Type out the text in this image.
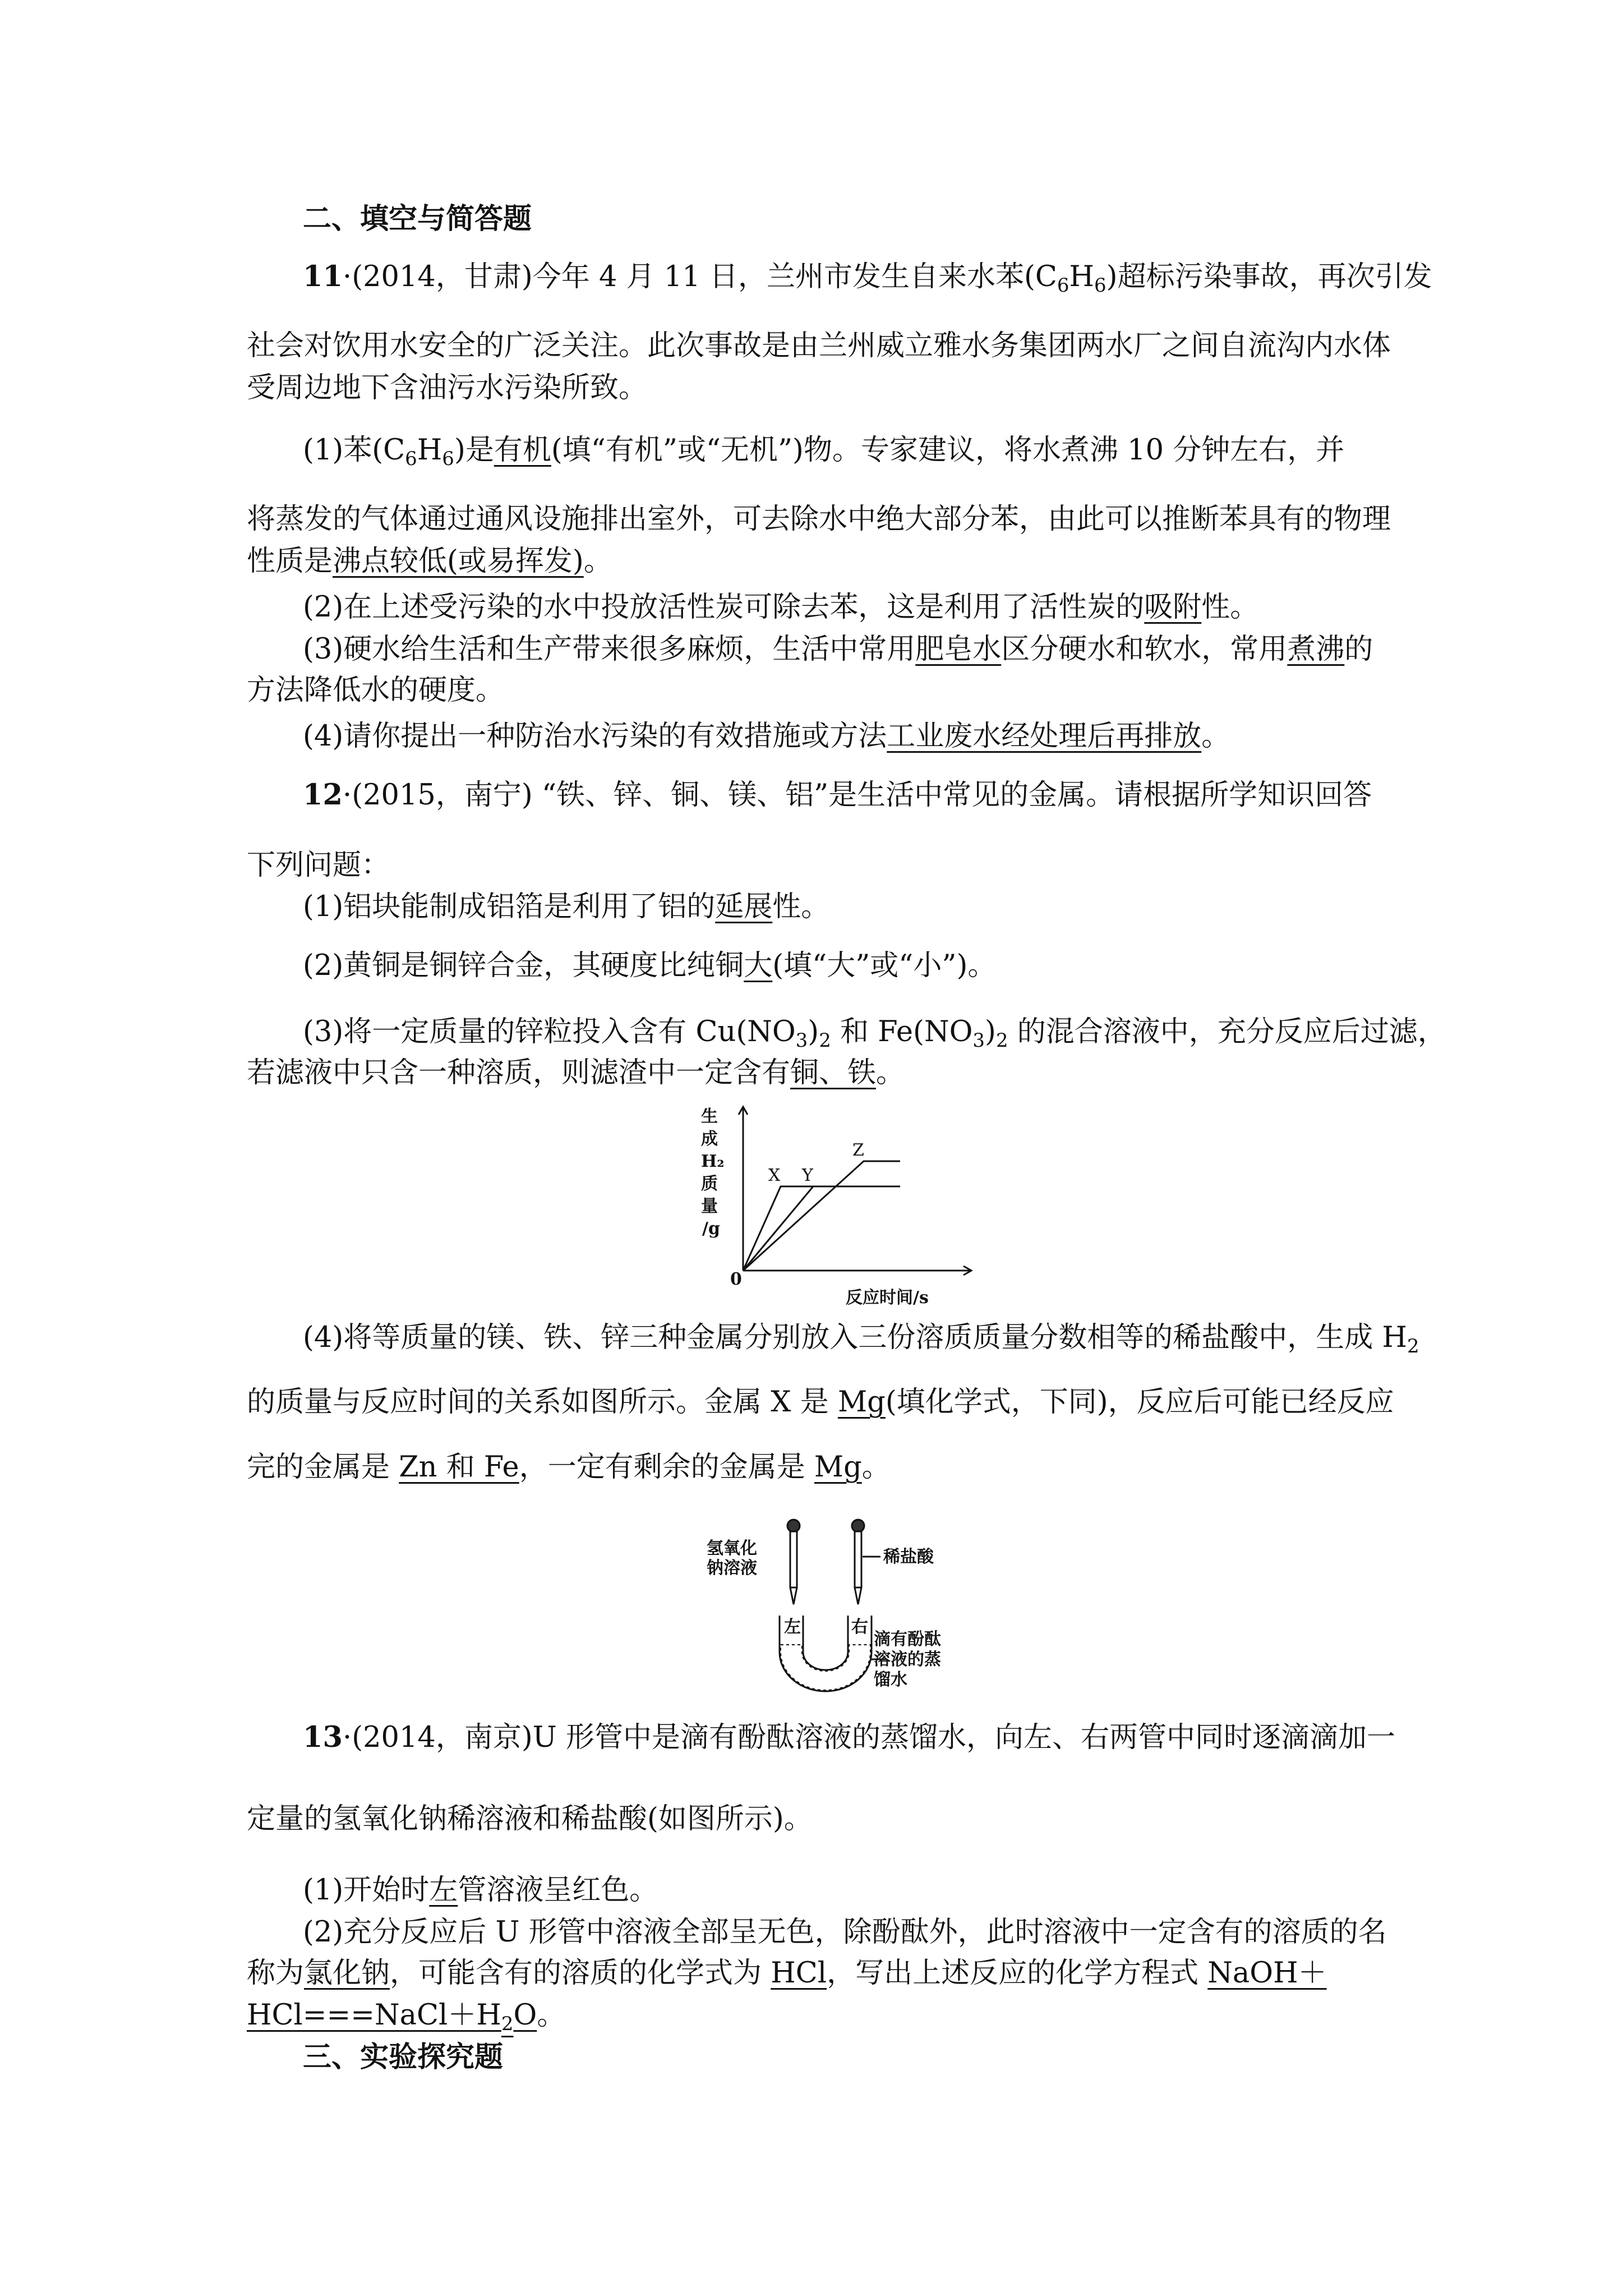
二、填空与简答题
11·(2014，甘肃)今年 4 月 11 日，兰州市发生自来水苯$(C_6H_6)$超标污染事故，再次引发
社会对饮用水安全的广泛关注。此次事故是由兰州威立雅水务集团两水厂之间自流沟内水体
受周边地下含油污水污染所致。
(1)苯$(C_6H_6)$是有机(填“有机”或“无机”)物。专家建议，将水煮沸 10 分钟左右，并
将蒸发的气体通过通风设施排出室外，可去除水中绝大部分苯，由此可以推断苯具有的物理
性质是沸点较低(或易挥发)。
(2)在上述受污染的水中投放活性炭可除去苯，这是利用了活性炭的吸附性。
(3)硬水给生活和生产带来很多麻烦，生活中常用肥皂水区分硬水和软水，常用煮沸的
方法降低水的硬度。
(4)请你提出一种防治水污染的有效措施或方法工业废水经处理后再排放。
12·(2015，南宁) “铁、锌、铜、镁、铝”是生活中常见的金属。请根据所学知识回答
下列问题：
(1)铝块能制成铝箔是利用了铝的延展性。
(2)黄铜是铜锌合金，其硬度比纯铜大(填“大”或“小”)。
(3)将一定质量的锌粒投入含有 $Cu(NO_3)_2$ 和 $Fe(NO_3)_2$ 的混合溶液中，充分反应后过滤，
若滤液中只含一种溶质，则滤渣中一定含有铜、铁。
生
成
H₂
质
量
/g
0
反应时间/s
X Y
Z
(4)将等质量的镁、铁、锌三种金属分别放入三份溶质质量分数相等的稀盐酸中，生成 $H_2$
的质量与反应时间的关系如图所示。金属 X 是 Mg(填化学式，下同)，反应后可能已经反应
完的金属是 Zn 和 Fe，一定有剩余的金属是 Mg。
氢氧化
钠溶液
稀盐酸
左	右
滴有酚酞
溶液的蒸
馏水
13·(2014，南京)U 形管中是滴有酚酞溶液的蒸馏水，向左、右两管中同时逐滴滴加一
定量的氢氧化钠稀溶液和稀盐酸(如图所示)。
(1)开始时左管溶液呈红色。
(2)充分反应后 U 形管中溶液全部呈无色，除酚酞外，此时溶液中一定含有的溶质的名
称为氯化钠，可能含有的溶质的化学式为 HCl，写出上述反应的化学方程式 NaOH＋
$HCl===NaCl+H_2O$。
三、实验探究题
